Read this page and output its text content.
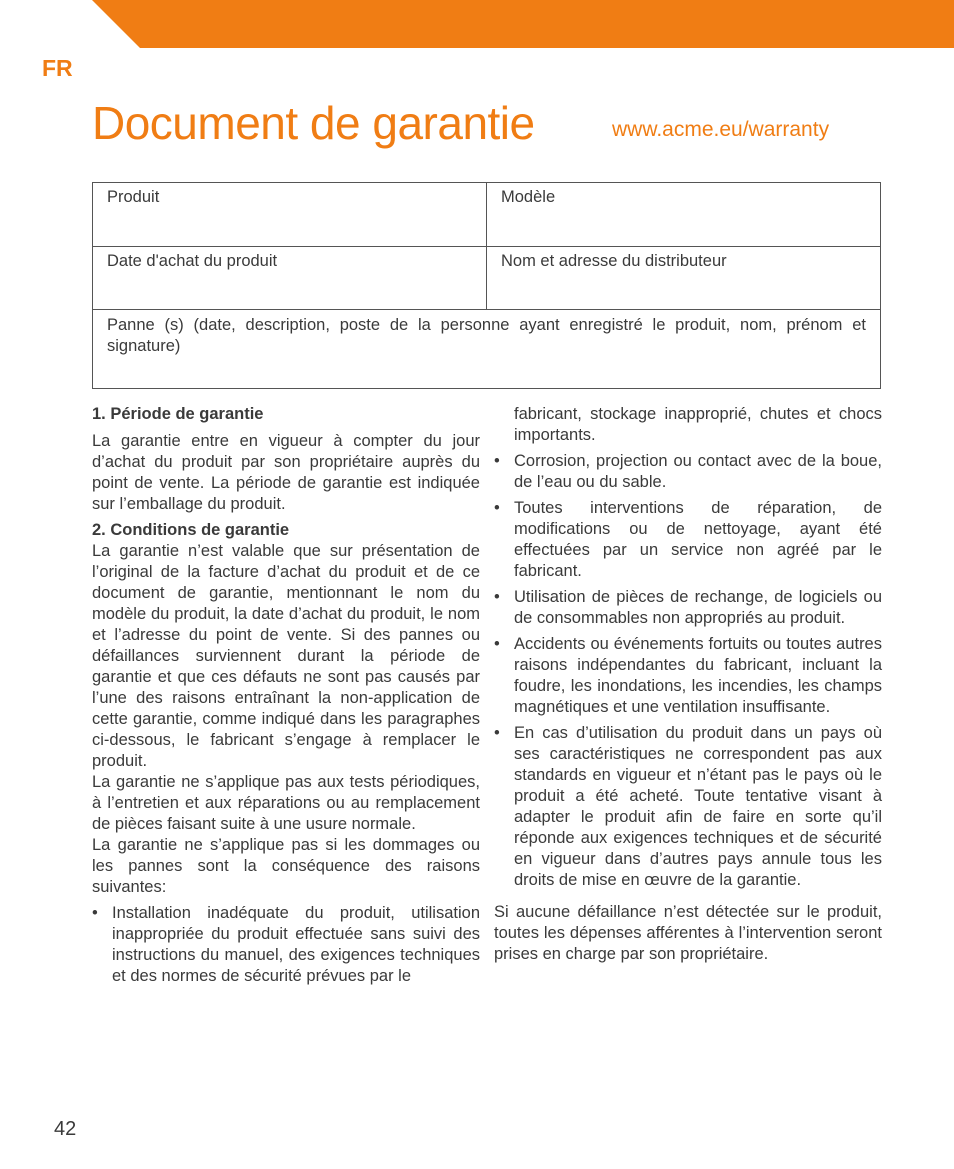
FR
Document de garantie	www.acme.eu/warranty
Produit	Modèle
Date d'achat du produit	Nom et adresse du distributeur
Panne (s) (date, description, poste de la personne ayant enregistré le produit, nom, prénom et signature)	
1. Période de garantie

La garantie entre en vigueur à compter du jour d’achat du produit par son propriétaire auprès du point de vente. La période de garantie est indiquée sur l’emballage du produit.

2. Conditions de garantie

La garantie n’est valable que sur présentation de l’original de la facture d’achat du produit et de ce document de garantie, mentionnant le nom du modèle du produit, la date d’achat du produit, le nom et l’adresse du point de vente. Si des pannes ou défaillances surviennent durant la période de garantie et que ces défauts ne sont pas causés par l’une des raisons entraînant la non-application de cette garantie, comme indiqué dans les paragraphes ci-dessous, le fabricant s’engage à remplacer le produit.

La garantie ne s’applique pas aux tests périodiques, à l’entretien et aux réparations ou au remplacement de pièces faisant suite à une usure normale.

La garantie ne s’applique pas si les dommages ou les pannes sont la conséquence des raisons suivantes:

• Installation inadéquate du produit, utilisation inappropriée du produit effectuée sans suivi des instructions du manuel, des exigences techniques et des normes de sécurité prévues par le

fabricant, stockage inapproprié, chutes et chocs importants.

• Corrosion, projection ou contact avec de la boue, de l’eau ou du sable.
• Toutes interventions de réparation, de modifications ou de nettoyage, ayant été effectuées par un service non agréé par le fabricant.
• Utilisation de pièces de rechange, de logiciels ou de consommables non appropriés au produit.
• Accidents ou événements fortuits ou toutes autres raisons indépendantes du fabricant, incluant la foudre, les inondations, les incendies, les champs magnétiques et une ventilation insuffisante.
• En cas d’utilisation du produit dans un pays où ses caractéristiques ne correspondent pas aux standards en vigueur et n’étant pas le pays où le produit a été acheté. Toute tentative visant à adapter le produit afin de faire en sorte qu’il réponde aux exigences techniques et de sécurité en vigueur dans d’autres pays annule tous les droits de mise en œuvre de la garantie.

Si aucune défaillance n’est détectée sur le produit, toutes les dépenses afférentes à l’intervention seront prises en charge par son propriétaire.

42
